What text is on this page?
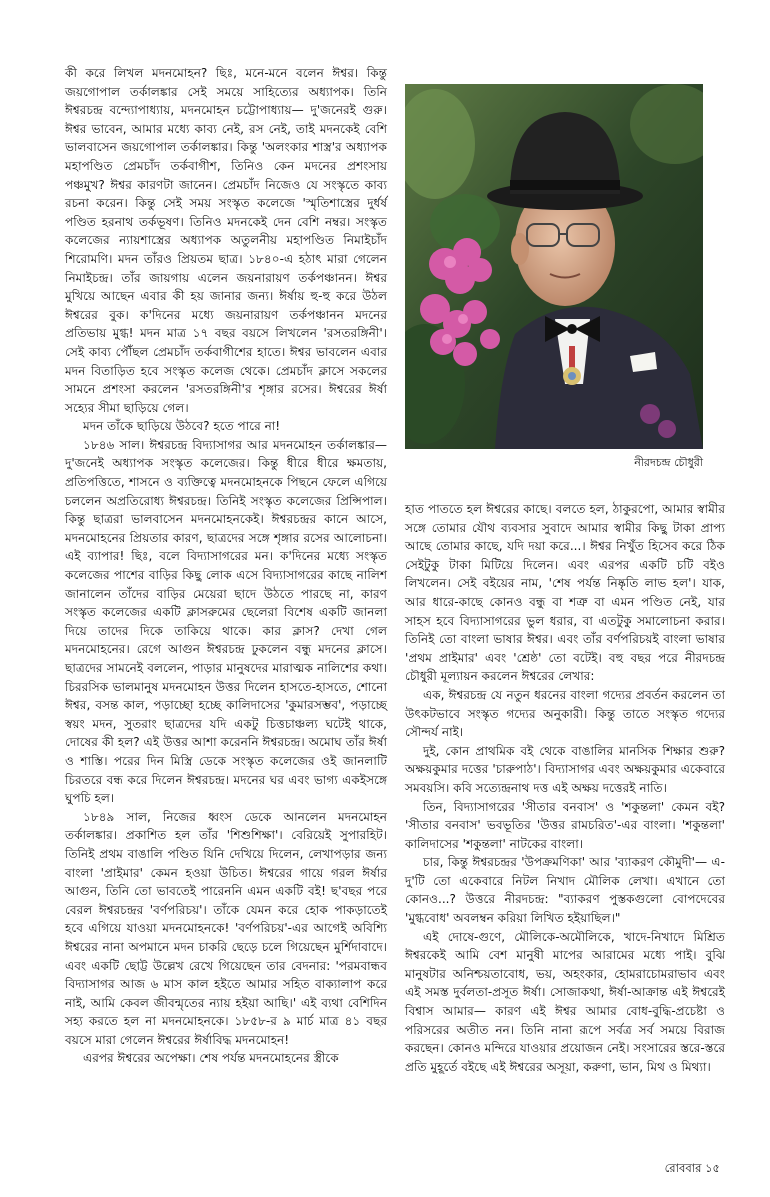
কী করে লিখল মদনমোহন? ছিঃ, মনে-মনে বলেন ঈশ্বর। কিন্তু জয়গোপাল তর্কালঙ্কার সেই সময়ে সাহিত্যের অধ্যাপক। তিনি ঈশ্বরচন্দ্র বন্দ্যোপাধ্যায়, মদনমোহন চট্টোপাধ্যায়— দু'জনেরই গুরু। ঈশ্বর ভাবেন, আমার মধ্যে কাব্য নেই, রস নেই, তাই মদনকেই বেশি ভালবাসেন জয়গোপাল তর্কালঙ্কার। কিন্তু 'অলংকার শাস্ত্র'র অধ্যাপক মহাপণ্ডিত প্রেমচাঁদ তর্কবাগীশ, তিনিও কেন মদনের প্রশংসায় পঞ্চমুখ? ঈশ্বর কারণটা জানেন। প্রেমচাঁদ নিজেও যে সংস্কৃতে কাব্য রচনা করেন। কিন্তু সেই সময় সংস্কৃত কলেজে 'স্মৃতিশাস্ত্রের দুর্ধর্ষ পণ্ডিত হরনাথ তর্কভূষণ। তিনিও মদনকেই দেন বেশি নম্বর। সংস্কৃত কলেজের ন্যায়শাস্ত্রের অধ্যাপক অতুলনীয় মহাপণ্ডিত নিমাইচাঁদ শিরোমণি। মদন তাঁরও প্রিয়তম ছাত্র। ১৮৪০-এ হঠাৎ মারা গেলেন নিমাইচন্দ্র। তাঁর জায়গায় এলেন জয়নারায়ণ তর্কপঞ্চানন। ঈশ্বর মুখিয়ে আছেন এবার কী হয় জানার জন্য। ঈর্ষায় হু-হু করে উঠল ঈশ্বরের বুক। ক'দিনের মধ্যে জয়নারায়ণ তর্কপঞ্চানন মদনের প্রতিভায় মুগ্ধ! মদন মাত্র ১৭ বছর বয়সে লিখলেন 'রসতরঙ্গিনী'। সেই কাব্য পৌঁছল প্রেমচাঁদ তর্কবাগীশের হাতে। ঈশ্বর ভাবলেন এবার মদন বিতাড়িত হবে সংস্কৃত কলেজ থেকে। প্রেমচাঁদ ক্লাসে সকলের সামনে প্রশংসা করলেন 'রসতরঙ্গিনী'র শৃঙ্গার রসের। ঈশ্বরের ঈর্ষা সহ্যের সীমা ছাড়িয়ে গেল।

মদন তাঁকে ছাড়িয়ে উঠবে? হতে পারে না!

১৮৪৬ সাল। ঈশ্বরচন্দ্র বিদ্যাসাগর আর মদনমোহন তর্কালঙ্কার— দু'জনেই অধ্যাপক সংস্কৃত কলেজের। কিন্তু ধীরে ধীরে ক্ষমতায়, প্রতিপত্তিতে, শাসনে ও ব্যক্তিত্বে মদনমোহনকে পিছনে ফেলে এগিয়ে চললেন অপ্রতিরোধ্য ঈশ্বরচন্দ্র। তিনিই সংস্কৃত কলেজের প্রিন্সিপাল। কিন্তু ছাত্ররা ভালবাসেন মদনমোহনকেই। ঈশ্বরচন্দ্রর কানে আসে, মদনমোহনের প্রিয়তার কারণ, ছাত্রদের সঙ্গে শৃঙ্গার রসের আলোচনা। এই ব্যাপার! ছিঃ, বলে বিদ্যাসাগরের মন। ক'দিনের মধ্যে সংস্কৃত কলেজের পাশের বাড়ির কিছু লোক এসে বিদ্যাসাগরের কাছে নালিশ জানালেন তাঁদের বাড়ির মেয়েরা ছাদে উঠতে পারছে না, কারণ সংস্কৃত কলেজের একটি ক্লাসরুমের ছেলেরা বিশেষ একটি জানলা দিয়ে তাদের দিকে তাকিয়ে থাকে। কার ক্লাস? দেখা গেল মদনমোহনের। রেগে আগুন ঈশ্বরচন্দ্র ঢুকলেন বন্ধু মদনের ক্লাসে। ছাত্রদের সামনেই বললেন, পাড়ার মানুষদের মারাত্মক নালিশের কথা। চিররসিক ভালমানুষ মদনমোহন উত্তর দিলেন হাসতে-হাসতে, শোনো ঈশ্বর, বসন্ত কাল, পড়াচ্ছো হচ্ছে কালিদাসের 'কুমারসম্ভব', পড়াচ্ছে স্বয়ং মদন, সুতরাং ছাত্রদের যদি একটু চিত্তচাঞ্চল্য ঘটেই থাকে, দোষের কী হল? এই উত্তর আশা করেননি ঈশ্বরচন্দ্র। অমোঘ তাঁর ঈর্ষা ও শাস্তি। পরের দিন মিস্ত্রি ডেকে সংস্কৃত কলেজের ওই জানলাটি চিরতরে বন্ধ করে দিলেন ঈশ্বরচন্দ্র। মদনের ঘর এবং ভাগ্য একইসঙ্গে ঘুপচি হল।

১৮৪৯ সাল, নিজের ধ্বংস ডেকে আনলেন মদনমোহন তর্কালঙ্কার। প্রকাশিত হল তাঁর 'শিশুশিক্ষা'। বেরিয়েই সুপারহিট। তিনিই প্রথম বাঙালি পণ্ডিত যিনি দেখিয়ে দিলেন, লেখাপড়ার জন্য বাংলা 'প্রাইমার' কেমন হওয়া উচিত। ঈশ্বরের গায়ে গরল ঈর্ষার আগুন, তিনি তো ভাবতেই পারেননি এমন একটি বই! ছ'বছর পরে বেরল ঈশ্বরচন্দ্রর 'বর্ণপরিচয়'। তাঁকে যেমন করে হোক পাকড়াতেই হবে এগিয়ে যাওয়া মদনমোহনকে! 'বর্ণপরিচয়'-এর আগেই অবিশ্যি ঈশ্বরের নানা অপমানে মদন চাকরি ছেড়ে চলে গিয়েছেন মুর্শিদাবাদে। এবং একটি ছোট্ট উল্লেখ রেখে গিয়েছেন তার বেদনার: 'পরমবান্ধব বিদ্যাসাগর আজ ৬ মাস কাল হইতে আমার সহিত বাক্যালাপ করে নাই, আমি কেবল জীবন্মৃতের ন্যায় হইয়া আছি।' এই ব্যথা বেশিদিন সহ্য করতে হল না মদনমোহনকে। ১৮৫৮-র ৯ মার্চ মাত্র ৪১ বছর বয়সে মারা গেলেন ঈশ্বরের ঈর্ষাবিদ্ধ মদনমোহন!

এরপর ঈশ্বরের অপেক্ষা। শেষ পর্যন্ত মদনমোহনের স্ত্রীকে

নীরদচন্দ্র চৌধুরী

হাত পাততে হল ঈশ্বরের কাছে। বলতে হল, ঠাকুরপো, আমার স্বামীর সঙ্গে তোমার যৌথ ব্যবসার সুবাদে আমার স্বামীর কিছু টাকা প্রাপ্য আছে তোমার কাছে, যদি দয়া করে...। ঈশ্বর নিখুঁত হিসেব করে ঠিক সেইটুকু টাকা মিটিয়ে দিলেন। এবং এরপর একটি চটি বইও লিখলেন। সেই বইয়ের নাম, 'শেষ পর্যন্ত নিষ্কৃতি লাভ হল'। যাক, আর ধারে-কাছে কোনও বন্ধু বা শত্রু বা এমন পণ্ডিত নেই, যার সাহস হবে বিদ্যাসাগরের ভুল ধরার, বা এতটুকু সমালোচনা করার। তিনিই তো বাংলা ভাষার ঈশ্বর। এবং তাঁর বর্ণপরিচয়ই বাংলা ভাষার 'প্রথম প্রাইমার' এবং 'শ্রেষ্ঠ' তো বটেই। বহু বছর পরে নীরদচন্দ্র চৌধুরী মূল্যায়ন করলেন ঈশ্বরের লেখার:

এক, ঈশ্বরচন্দ্র যে নতুন ধরনের বাংলা গদ্যের প্রবর্তন করলেন তা উৎকটভাবে সংস্কৃত গদ্যের অনুকারী। কিন্তু তাতে সংস্কৃত গদ্যের সৌন্দর্য নাই।

দুই, কোন প্রাথমিক বই থেকে বাঙালির মানসিক শিক্ষার শুরু? অক্ষয়কুমার দত্তের 'চারুপাঠ'। বিদ্যাসাগর এবং অক্ষয়কুমার একেবারে সমবয়সি। কবি সত্যেন্দ্রনাথ দত্ত এই অক্ষয় দত্তেরই নাতি।

তিন, বিদ্যাসাগরের 'সীতার বনবাস' ও 'শকুন্তলা' কেমন বই? 'সীতার বনবাস' ভবভূতির 'উত্তর রামচরিত'-এর বাংলা। 'শকুন্তলা' কালিদাসের 'শকুন্তলা' নাটকের বাংলা।

চার, কিন্তু ঈশ্বরচন্দ্রর 'উপক্রমণিকা' আর 'ব্যাকরণ কৌমুদী'— এ-দু'টি তো একেবারে নিটল নিখাদ মৌলিক লেখা। এখানে তো কোনও...? উত্তরে নীরদচন্দ্র: "ব্যাকরণ পুস্তকগুলো বোপদেবের 'মুগ্ধবোধ' অবলম্বন করিয়া লিখিত হইয়াছিল।"

এই দোষে-গুণে, মৌলিকে-অমৌলিকে, খাদে-নিখাদে মিশ্রিত ঈশ্বরকেই আমি বেশ মানুষী মাপের আরামের মধ্যে পাই। বুঝি মানুষটার অনিশ্চয়তাবোধ, ভয়, অহংকার, হোমরাচোমরাভাব এবং এই সমস্ত দুর্বলতা-প্রসূত ঈর্ষা। সোজাকথা, ঈর্ষা-আক্রান্ত এই ঈশ্বরেই বিশ্বাস আমার— কারণ এই ঈশ্বর আমার বোধ-বুদ্ধি-প্রচেষ্টা ও পরিসরের অতীত নন। তিনি নানা রূপে সর্বত্র সর্ব সময়ে বিরাজ করছেন। কোনও মন্দিরে যাওয়ার প্রয়োজন নেই। সংসারের স্তরে-স্তরে প্রতি মুহূর্তে বইছে এই ঈশ্বরের অসূয়া, করুণা, ভান, মিথ ও মিথ্যা।

রোববার ১৫
